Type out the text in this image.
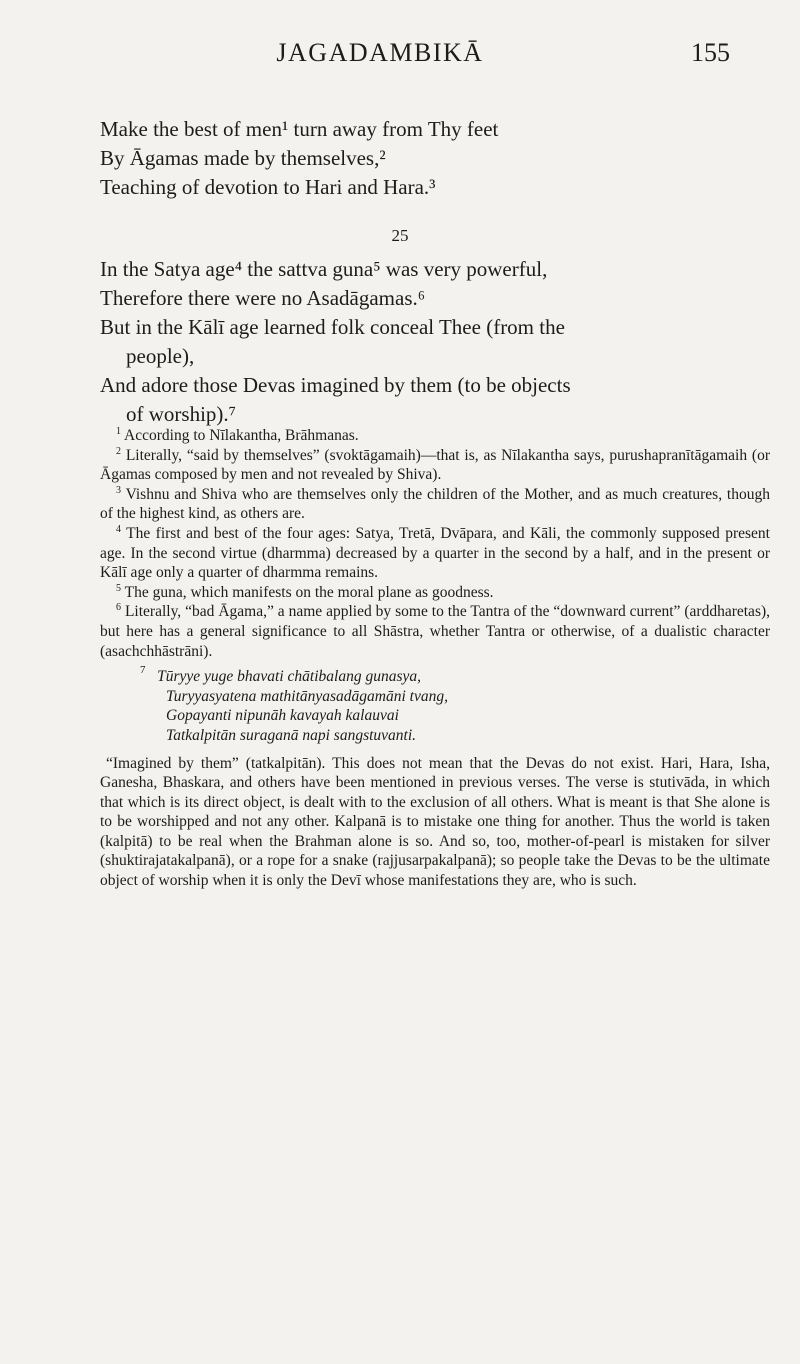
JAGADAMBIKĀ	155

Make the best of men¹ turn away from Thy feet

By Āgamas made by themselves,²

Teaching of devotion to Hari and Hara.³

25

In the Satya age⁴ the sattva guna⁵ was very powerful,

Therefore there were no Asadāgamas.⁶

But in the Kālī age learned folk conceal Thee (from the

people),

And adore those Devas imagined by them (to be objects

of worship).⁷

$^1$ According to Nīlakantha, Brāhmanas.

$^2$ Literally, “said by themselves” (svoktāgamaih)—that is, as Nīlakantha says, purushapranītāgamaih (or Āgamas composed by men and not revealed by Shiva).

$^3$ Vishnu and Shiva who are themselves only the children of the Mother, and as much creatures, though of the highest kind, as others are.

$^4$ The first and best of the four ages: Satya, Tretā, Dvāpara, and Kāli, the commonly supposed present age. In the second virtue (dharmma) decreased by a quarter in the second by a half, and in the present or Kālī age only a quarter of dharmma remains.

$^5$ The guna, which manifests on the moral plane as goodness.

$^6$ Literally, “bad Āgama,” a name applied by some to the Tantra of the “downward current” (arddharetas), but here has a general significance to all Shāstra, whether Tantra or otherwise, of a dualistic character (asachchhāstrāni).

$^7$ Tūryye yuge bhavati chātibalang gunasya,

Turyyasyatena mathitānyasadāgamāni tvang,

Gopayanti nipunāh kavayah kalauvai

Tatkalpitān suraganā napi sangstuvanti.

“Imagined by them” (tatkalpitān). This does not mean that the Devas do not exist. Hari, Hara, Isha, Ganesha, Bhaskara, and others have been mentioned in previous verses. The verse is stutivāda, in which that which is its direct object, is dealt with to the exclusion of all others. What is meant is that She alone is to be worshipped and not any other. Kalpanā is to mistake one thing for another. Thus the world is taken (kalpitā) to be real when the Brahman alone is so. And so, too, mother-of-pearl is mistaken for silver (shuktirajatakalpanā), or a rope for a snake (rajjusarpakalpanā); so people take the Devas to be the ultimate object of worship when it is only the Devī whose manifestations they are, who is such.
